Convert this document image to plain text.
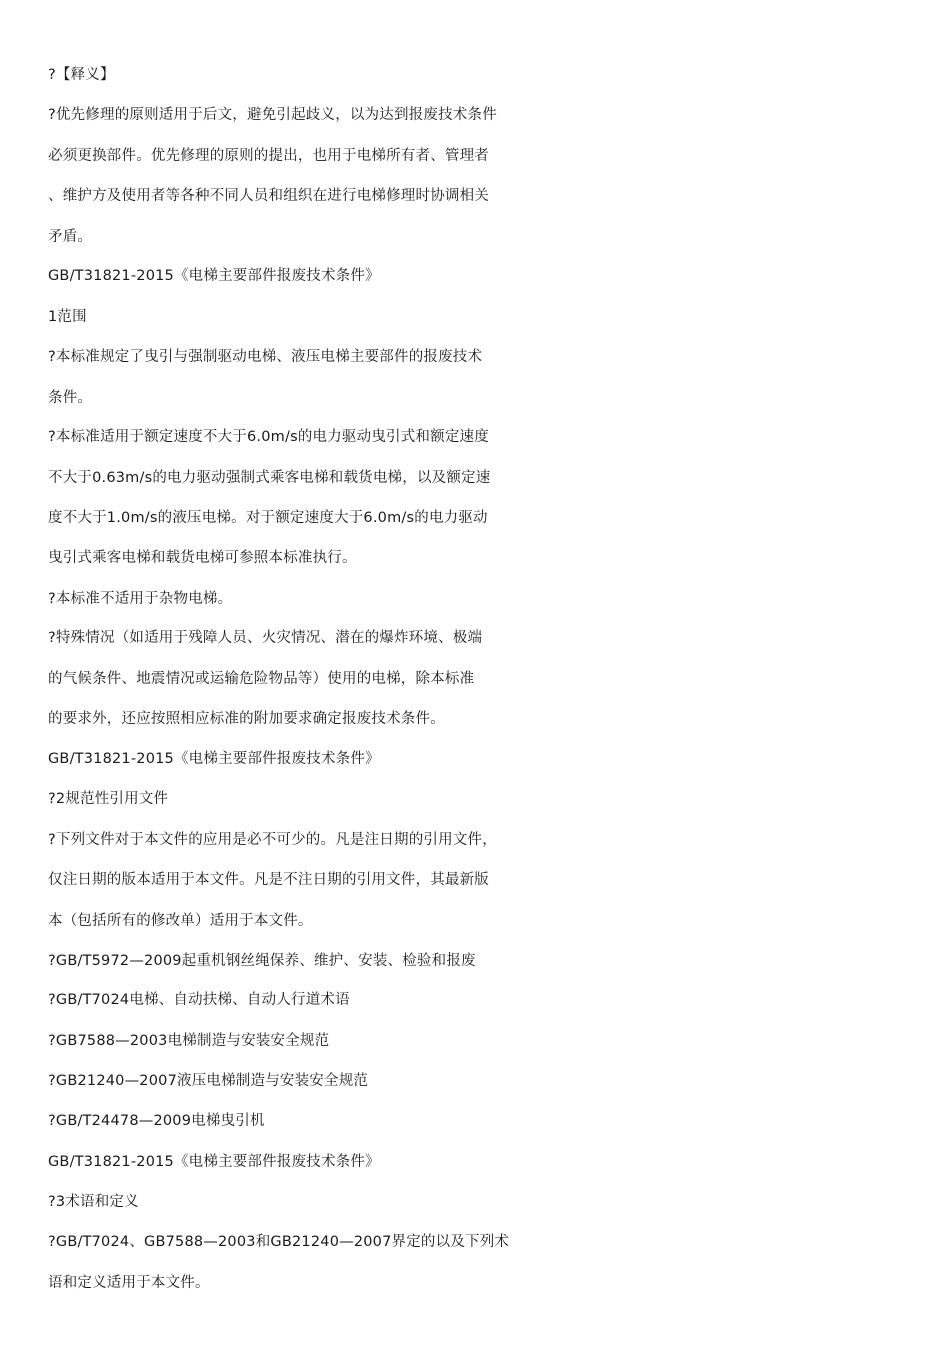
?【释义】
?优先修理的原则适用于后文，避免引起歧义，以为达到报废技术条件
必须更换部件。优先修理的原则的提出，也用于电梯所有者、管理者
、维护方及使用者等各种不同人员和组织在进行电梯修理时协调相关
矛盾。
GB/T31821-2015《电梯主要部件报废技术条件》
1范围
?本标准规定了曳引与强制驱动电梯、液压电梯主要部件的报废技术
条件。
?本标准适用于额定速度不大于6.0m/s的电力驱动曳引式和额定速度
不大于0.63m/s的电力驱动强制式乘客电梯和载货电梯，以及额定速
度不大于1.0m/s的液压电梯。对于额定速度大于6.0m/s的电力驱动
曳引式乘客电梯和载货电梯可参照本标准执行。
?本标准不适用于杂物电梯。
?特殊情况（如适用于残障人员、火灾情况、潜在的爆炸环境、极端
的气候条件、地震情况或运输危险物品等）使用的电梯，除本标准
的要求外，还应按照相应标准的附加要求确定报废技术条件。
GB/T31821-2015《电梯主要部件报废技术条件》
?2规范性引用文件
?下列文件对于本文件的应用是必不可少的。凡是注日期的引用文件，
仅注日期的版本适用于本文件。凡是不注日期的引用文件，其最新版
本（包括所有的修改单）适用于本文件。
?GB/T5972—2009起重机钢丝绳保养、维护、安装、检验和报废
?GB/T7024电梯、自动扶梯、自动人行道术语
?GB7588—2003电梯制造与安装安全规范
?GB21240—2007液压电梯制造与安装安全规范
?GB/T24478—2009电梯曳引机
GB/T31821-2015《电梯主要部件报废技术条件》
?3术语和定义
?GB/T7024、GB7588—2003和GB21240—2007界定的以及下列术
语和定义适用于本文件。
